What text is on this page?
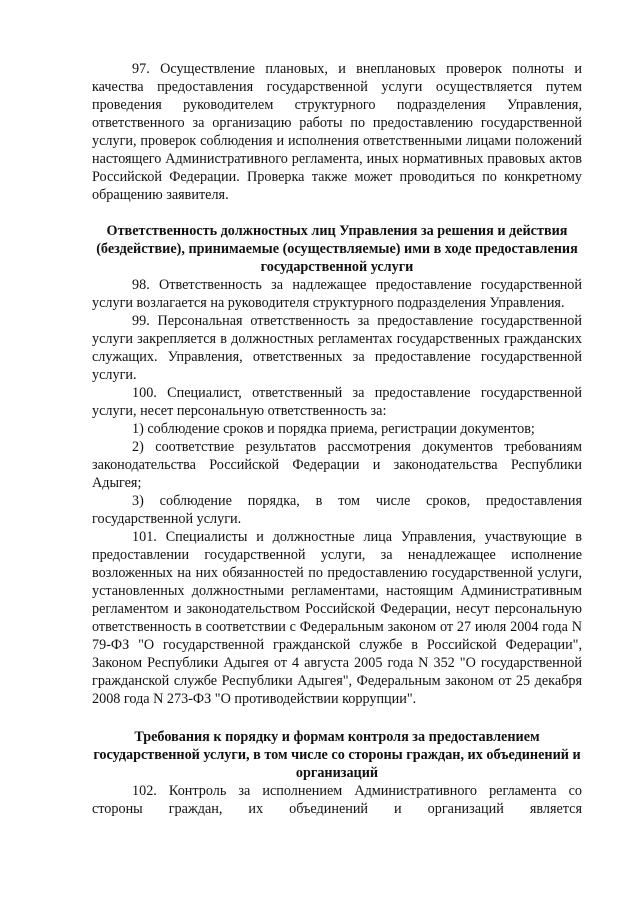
97. Осуществление плановых, и внеплановых проверок полноты и качества предоставления государственной услуги осуществляется путем проведения руководителем структурного подразделения Управления, ответственного за организацию работы по предоставлению государственной услуги, проверок соблюдения и исполнения ответственными лицами положений настоящего Административного регламента, иных нормативных правовых актов Российской Федерации. Проверка также может проводиться по конкретному обращению заявителя.

Ответственность должностных лиц Управления за решения и действия (бездействие), принимаемые (осуществляемые) ими в ходе предоставления государственной услуги

98. Ответственность за надлежащее предоставление государственной услуги возлагается на руководителя структурного подразделения Управления.

99. Персональная ответственность за предоставление государственной услуги закрепляется в должностных регламентах государственных гражданских служащих. Управления, ответственных за предоставление государственной услуги.

100. Специалист, ответственный за предоставление государственной услуги, несет персональную ответственность за:

1) соблюдение сроков и порядка приема, регистрации документов;

2) соответствие результатов рассмотрения документов требованиям законодательства Российской Федерации и законодательства Республики Адыгея;

3) соблюдение порядка, в том числе сроков, предоставления государственной услуги.

101. Специалисты и должностные лица Управления, участвующие в предоставлении государственной услуги, за ненадлежащее исполнение возложенных на них обязанностей по предоставлению государственной услуги, установленных должностными регламентами, настоящим Административным регламентом и законодательством Российской Федерации, несут персональную ответственность в соответствии с Федеральным законом от 27 июля 2004 года N 79-ФЗ "О государственной гражданской службе в Российской Федерации", Законом Республики Адыгея от 4 августа 2005 года N 352 "О государственной гражданской службе Республики Адыгея", Федеральным законом от 25 декабря 2008 года N 273-ФЗ "О противодействии коррупции".

Требования к порядку и формам контроля за предоставлением государственной услуги, в том числе со стороны граждан, их объединений и организаций

102. Контроль за исполнением Административного регламента со стороны граждан, их объединений и организаций является
